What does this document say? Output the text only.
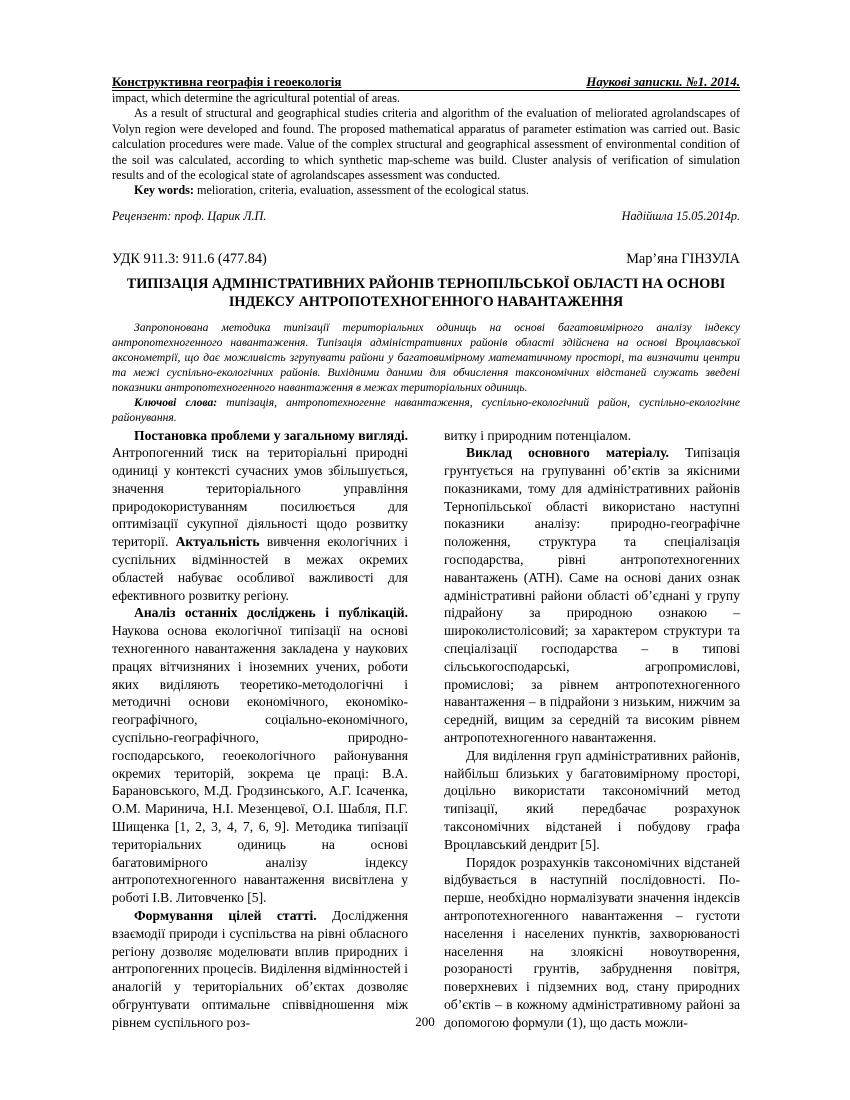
Конструктивна географія і геоекологія	Наукові записки. №1. 2014.

impact, which determine the agricultural potential of areas.

As a result of structural and geographical studies criteria and algorithm of the evaluation of meliorated agrolandscapes of Volyn region were developed and found. The proposed mathematical apparatus of parameter estimation was carried out. Basic calculation procedures were made. Value of the complex structural and geographical assessment of environmental condition of the soil was calculated, according to which synthetic map-scheme was build. Cluster analysis of verification of simulation results and of the ecological state of agrolandscapes assessment was conducted.

Key words: melioration, criteria, evaluation, assessment of the ecological status.

Рецензент: проф. Царик Л.П.	Надійшла 15.05.2014р.
УДК 911.3: 911.6 (477.84)	Мар’яна ГІНЗУЛА
ТИПІЗАЦІЯ АДМІНІСТРАТИВНИХ РАЙОНІВ ТЕРНОПІЛЬСЬКОЇ ОБЛАСТІ НА ОСНОВІ ІНДЕКСУ АНТРОПОТЕХНОГЕННОГО НАВАНТАЖЕННЯ

Запропонована методика типізації територіальних одиниць на основі багатовимірного аналізу індексу антропотехногенного навантаження. Типізація адміністративних районів області здійснена на основі Вроцлавської аксонометрії, що дає можливість згрупувати райони у багатовимірному математичному просторі, та визначити центри та межі суспільно-екологічних районів. Вихідними даними для обчислення таксономічних відстаней служать зведені показники антропотехногенного навантаження в межах територіальних одиниць.

Ключові слова: типізація, антропотехногенне навантаження, суспільно-екологічний район, суспільно-екологічне районування.

Постановка проблеми у загальному вигляді. Антропогенний тиск на територіальні природні одиниці у контексті сучасних умов збільшується, значення територіального управління природокористуванням посилюється для оптимізації сукупної діяльності щодо розвитку території. Актуальність вивчення екологічних і суспільних відмінностей в межах окремих областей набуває особливої важливості для ефективного розвитку регіону.

Аналіз останніх досліджень і публікацій. Наукова основа екологічної типізації на основі техногенного навантаження закладена у наукових працях вітчизняних і іноземних учених, роботи яких виділяють теоретико-методологічні і методичні основи економічного, економіко-географічного, соціально-економічного, суспільно-географічного, природно-господарського, геоекологічного районування окремих територій, зокрема це праці: В.А. Барановського, М.Д. Гродзинського, А.Г. Ісаченка, О.М. Маринича, Н.І. Мезенцевої, О.І. Шабля, П.Г. Шищенка [1, 2, 3, 4, 7, 6, 9]. Методика типізації територіальних одиниць на основі багатовимірного аналізу індексу антропотехногенного навантаження висвітлена у роботі І.В. Литовченко [5].

Формування цілей статті. Дослідження взаємодії природи і суспільства на рівні обласного регіону дозволяє моделювати вплив природних і антропогенних процесів. Виділення відмінностей і аналогій у територіальних об’єктах дозволяє обгрунтувати оптимальне співвідношення між рівнем суспільного роз-

витку і природним потенціалом.

Виклад основного матеріалу. Типізація грунтується на групуванні об’єктів за якісними показниками, тому для адміністративних районів Тернопільської області використано наступні показники аналізу: природно-географічне положення, структура та спеціалізація господарства, рівні антропотехногенних навантажень (АТН). Саме на основі даних ознак адміністративні райони області об’єднані у групу підрайону за природною ознакою – широколистолісовий; за характером структури та спеціалізації господарства – в типові сільськогосподарські, агропромислові, промислові; за рівнем антропотехногенного навантаження – в підрайони з низьким, нижчим за середній, вищим за середній та високим рівнем антропотехногенного навантаження.

Для виділення груп адміністративних районів, найбільш близьких у багатовимірному просторі, доцільно використати таксономічний метод типізації, який передбачає розрахунок таксономічних відстаней і побудову графа Вроцлавський дендрит [5].

Порядок розрахунків таксономічних відстаней відбувається в наступній послідовності. По-перше, необхідно нормалізувати значення індексів антропотехногенного навантаження – густоти населення і населених пунктів, захворюваності населення на злоякісні новоутворення, розораності грунтів, забруднення повітря, поверхневих і підземних вод, стану природних об’єктів – в кожному адміністративному районі за допомогою формули (1), що дасть можли-

200
